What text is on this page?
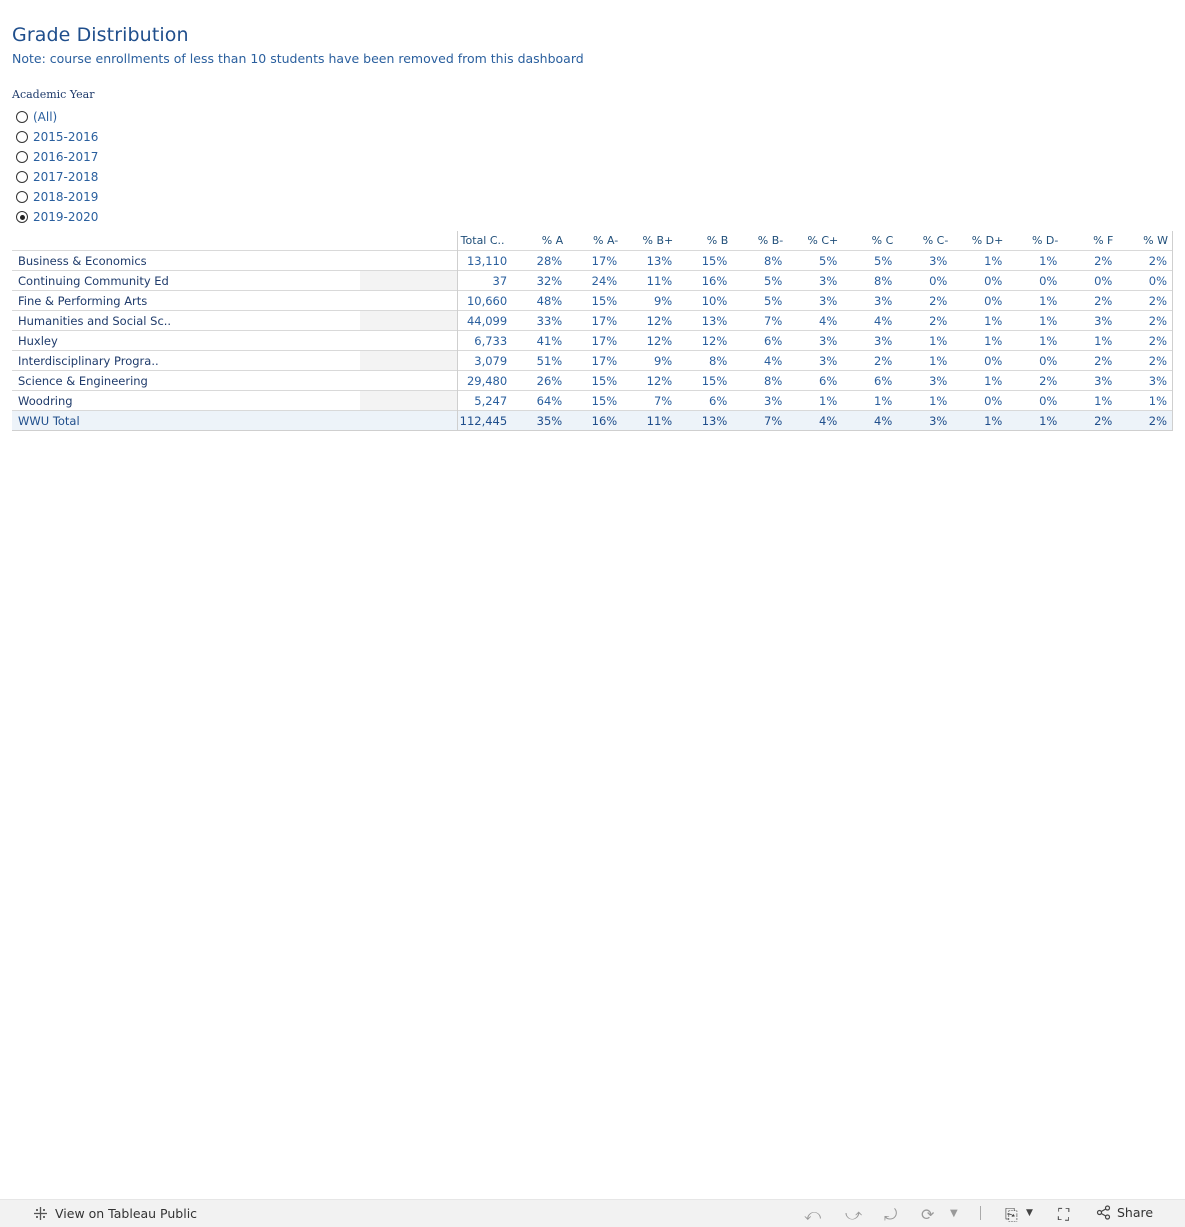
Grade Distribution
Note: course enrollments of less than 10 students have been removed from this dashboard
Academic Year
(All)
2015-2016
2016-2017
2017-2018
2018-2019
2019-2020
		Total C..	% A	% A-	% B+	% B	% B-	% C+	% C	% C-	% D+	% D-	% F	% W
Business & Economics		13,110	28%	17%	13%	15%	8%	5%	5%	3%	1%	1%	2%	2%
Continuing Community Ed		37	32%	24%	11%	16%	5%	3%	8%	0%	0%	0%	0%	0%
Fine & Performing Arts		10,660	48%	15%	9%	10%	5%	3%	3%	2%	0%	1%	2%	2%
Humanities and Social Sc..		44,099	33%	17%	12%	13%	7%	4%	4%	2%	1%	1%	3%	2%
Huxley		6,733	41%	17%	12%	12%	6%	3%	3%	1%	1%	1%	1%	2%
Interdisciplinary Progra..		3,079	51%	17%	9%	8%	4%	3%	2%	1%	0%	0%	2%	2%
Science & Engineering		29,480	26%	15%	12%	15%	8%	6%	6%	3%	1%	2%	3%	3%
Woodring		5,247	64%	15%	7%	6%	3%	1%	1%	1%	0%	0%	1%	1%
WWU Total		112,445	35%	16%	11%	13%	7%	4%	4%	3%	1%	1%	2%	2%
View on Tableau Public	⤺ ⤻ ⤾ ⟳ ▼	⎘ ▼ ⛶	Share
